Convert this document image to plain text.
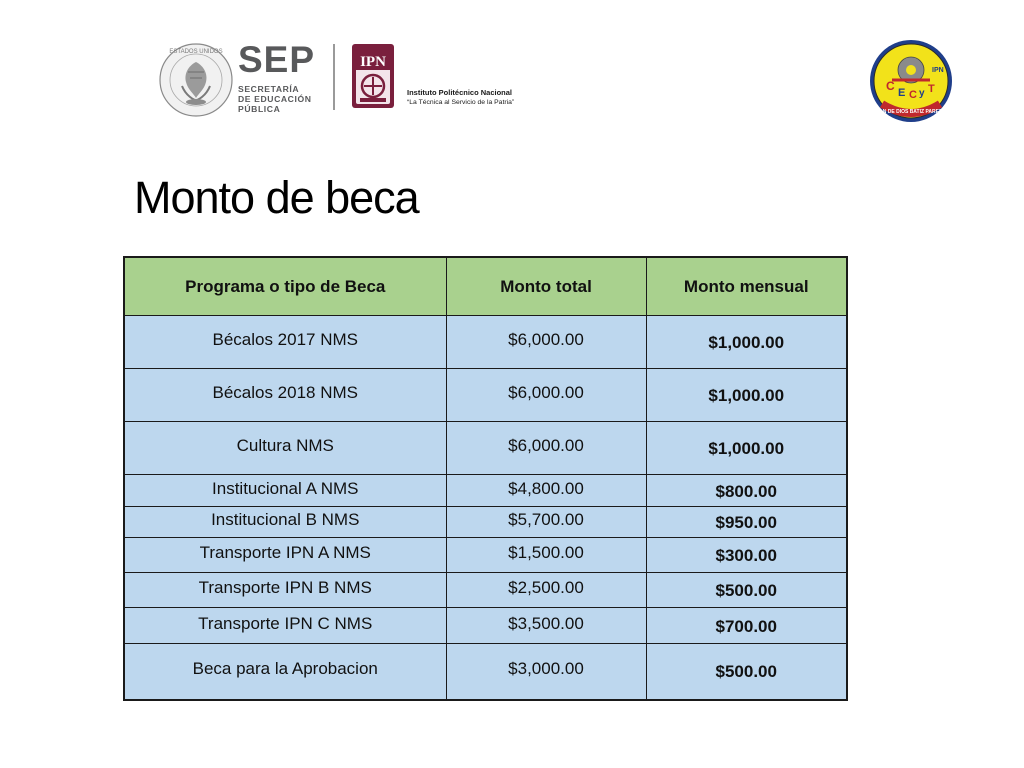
ESTADOS UNIDOS SEP
SECRETARÍA
DE EDUCACIÓN
PÚBLICA
IPN
Instituto Politécnico Nacional
“La Técnica al Servicio de la Patria”
C E C y T
IPN
JUAN DE DIOS BATIZ PAREDES
Monto de beca
Programa o tipo de Beca	Monto total	Monto mensual
Bécalos 2017 NMS	$6,000.00	$1,000.00
Bécalos 2018 NMS	$6,000.00	$1,000.00
Cultura NMS	$6,000.00	$1,000.00
Institucional A NMS	$4,800.00	$800.00
Institucional B NMS	$5,700.00	$950.00
Transporte IPN A NMS	$1,500.00	$300.00
Transporte IPN B NMS	$2,500.00	$500.00
Transporte IPN C NMS	$3,500.00	$700.00
Beca para la Aprobacion	$3,000.00	$500.00
